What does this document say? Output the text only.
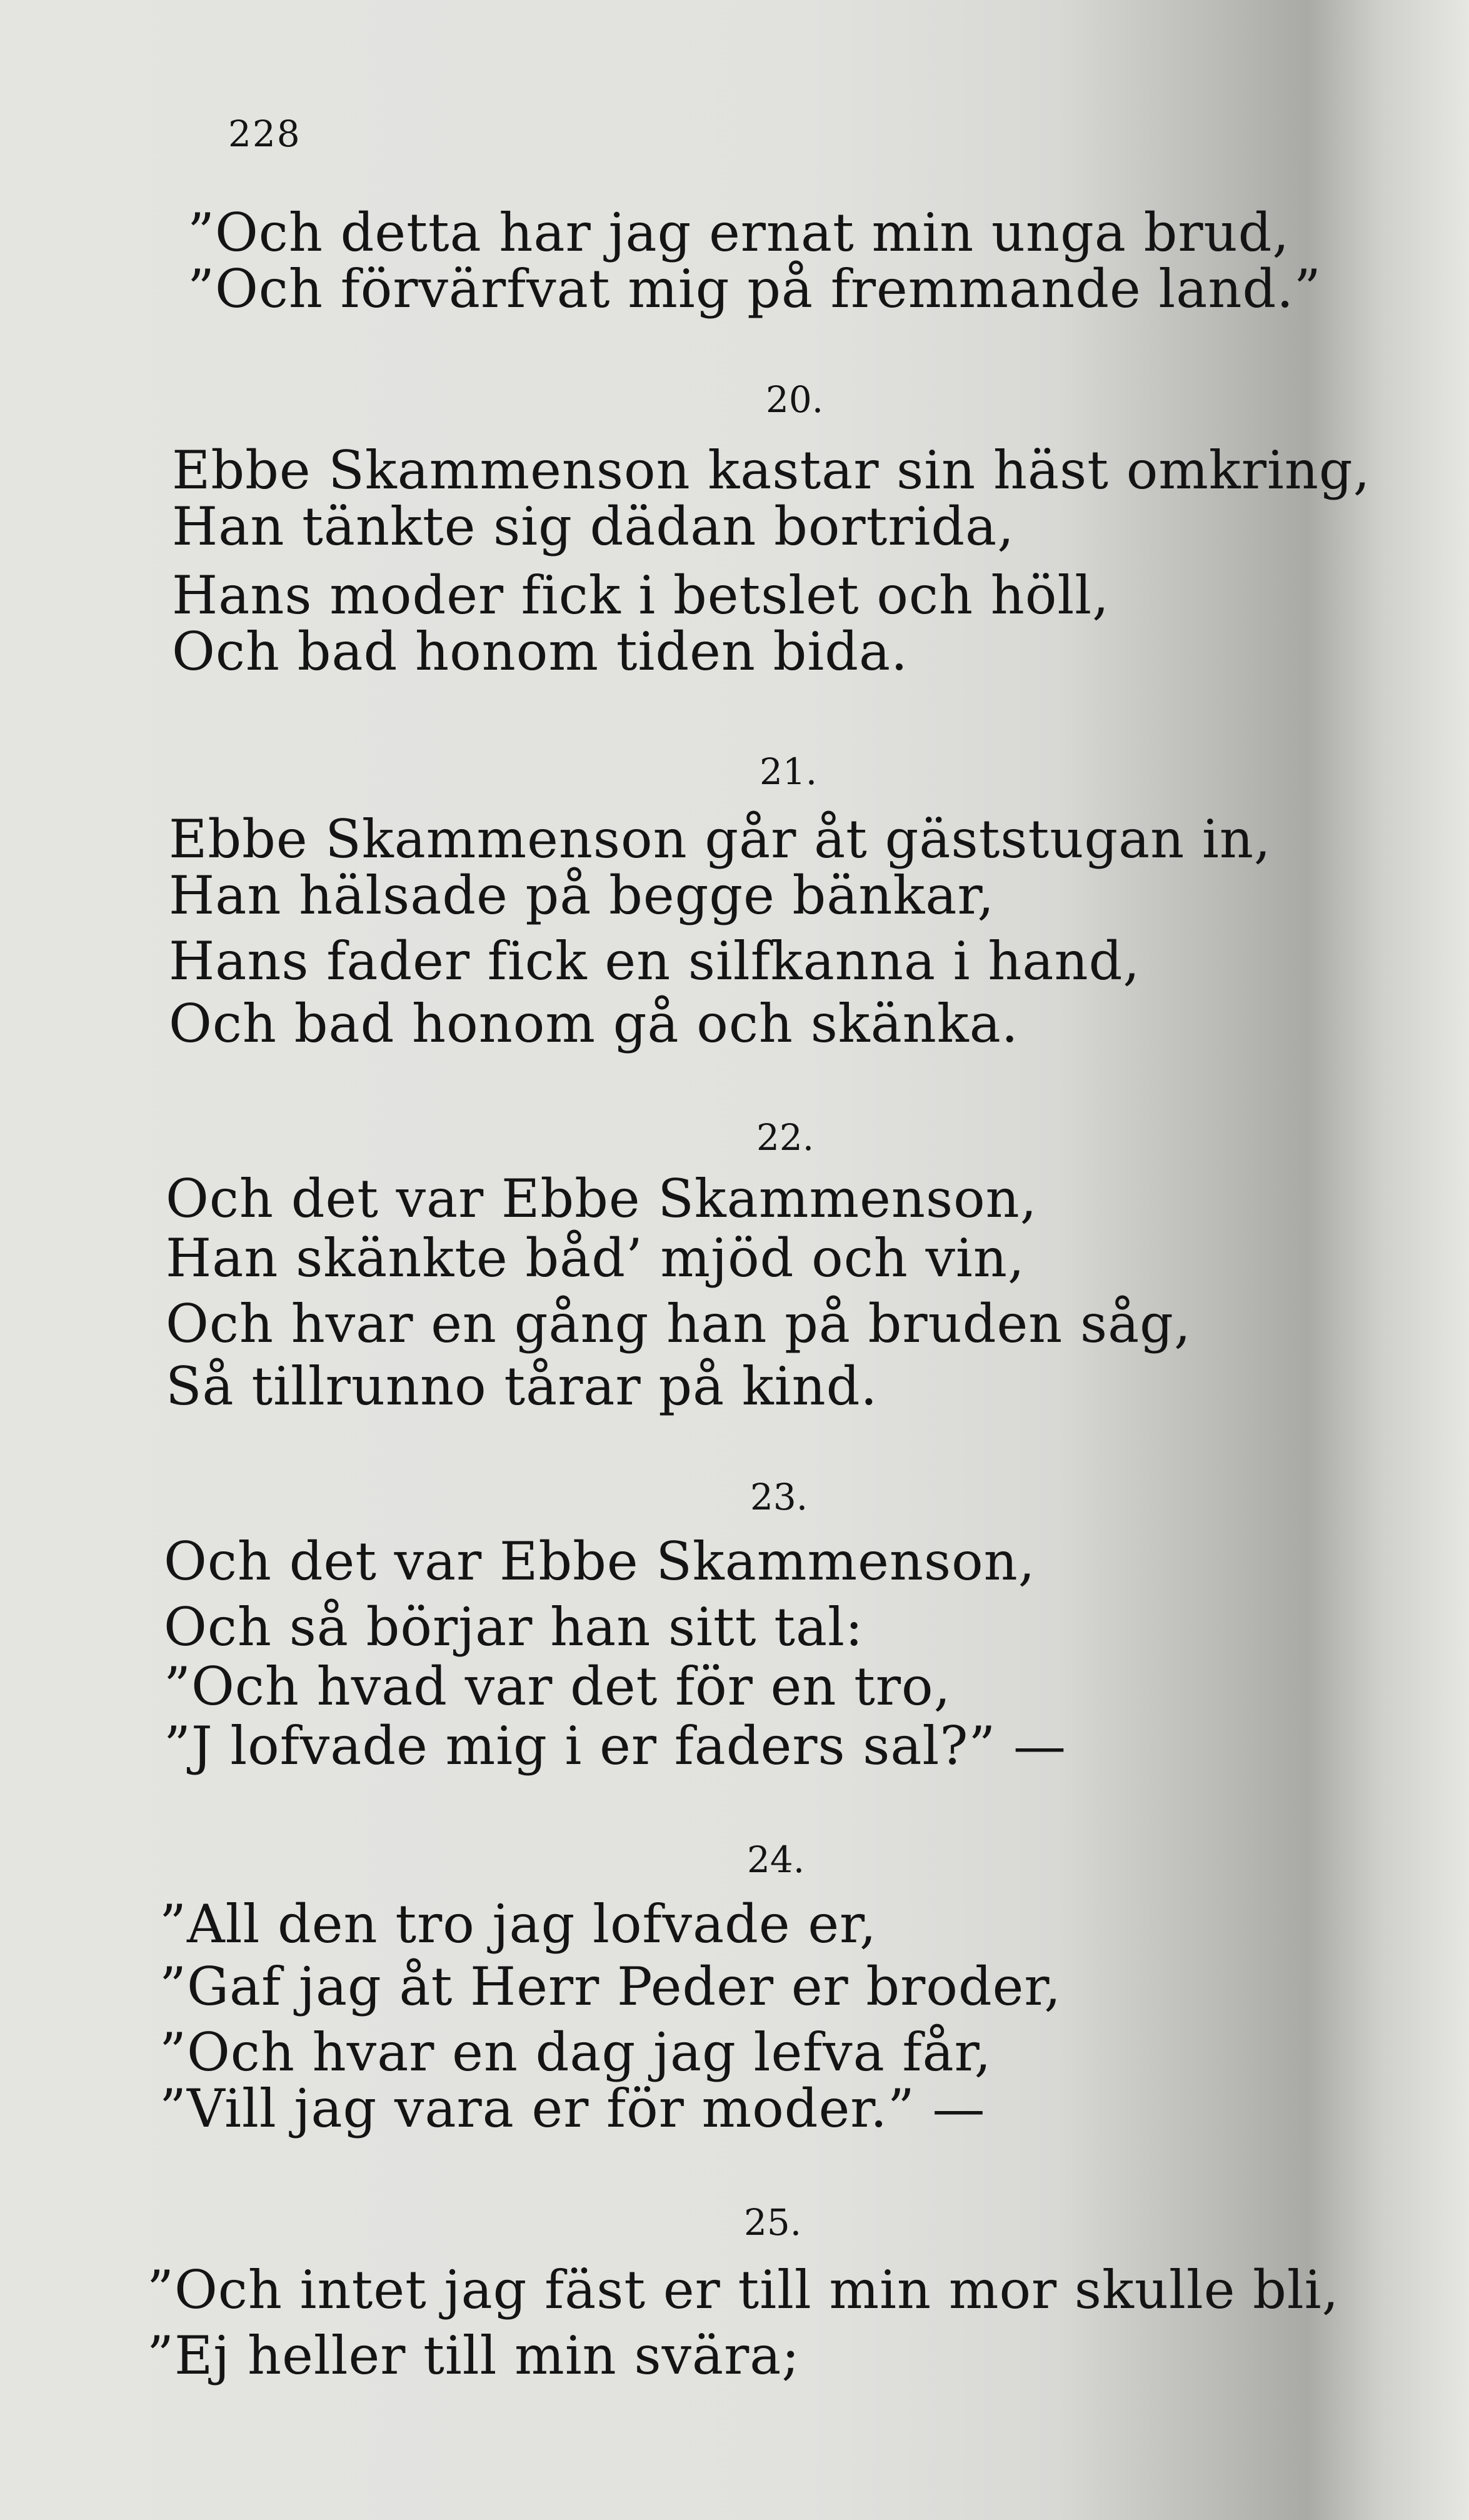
228
”Och detta har jag ernat min unga brud,
”Och förvärfvat mig på fremmande land.”
20.
Ebbe Skammenson kastar sin häst omkring,
Han tänkte sig dädan bortrida,
Hans moder fick i betslet och höll,
Och bad honom tiden bida.
21.
Ebbe Skammenson går åt gäststugan in,
Han hälsade på begge bänkar,
Hans fader fick en silfkanna i hand,
Och bad honom gå och skänka.
22.
Och det var Ebbe Skammenson,
Han skänkte båd’ mjöd och vin,
Och hvar en gång han på bruden såg,
Så tillrunno tårar på kind.
23.
Och det var Ebbe Skammenson,
Och så börjar han sitt tal:
”Och hvad var det för en tro,
”J lofvade mig i er faders sal?” —
24.
”All den tro jag lofvade er,
”Gaf jag åt Herr Peder er broder,
”Och hvar en dag jag lefva får,
”Vill jag vara er för moder.” —
25.
”Och intet jag fäst er till min mor skulle bli,
”Ej heller till min svära;
